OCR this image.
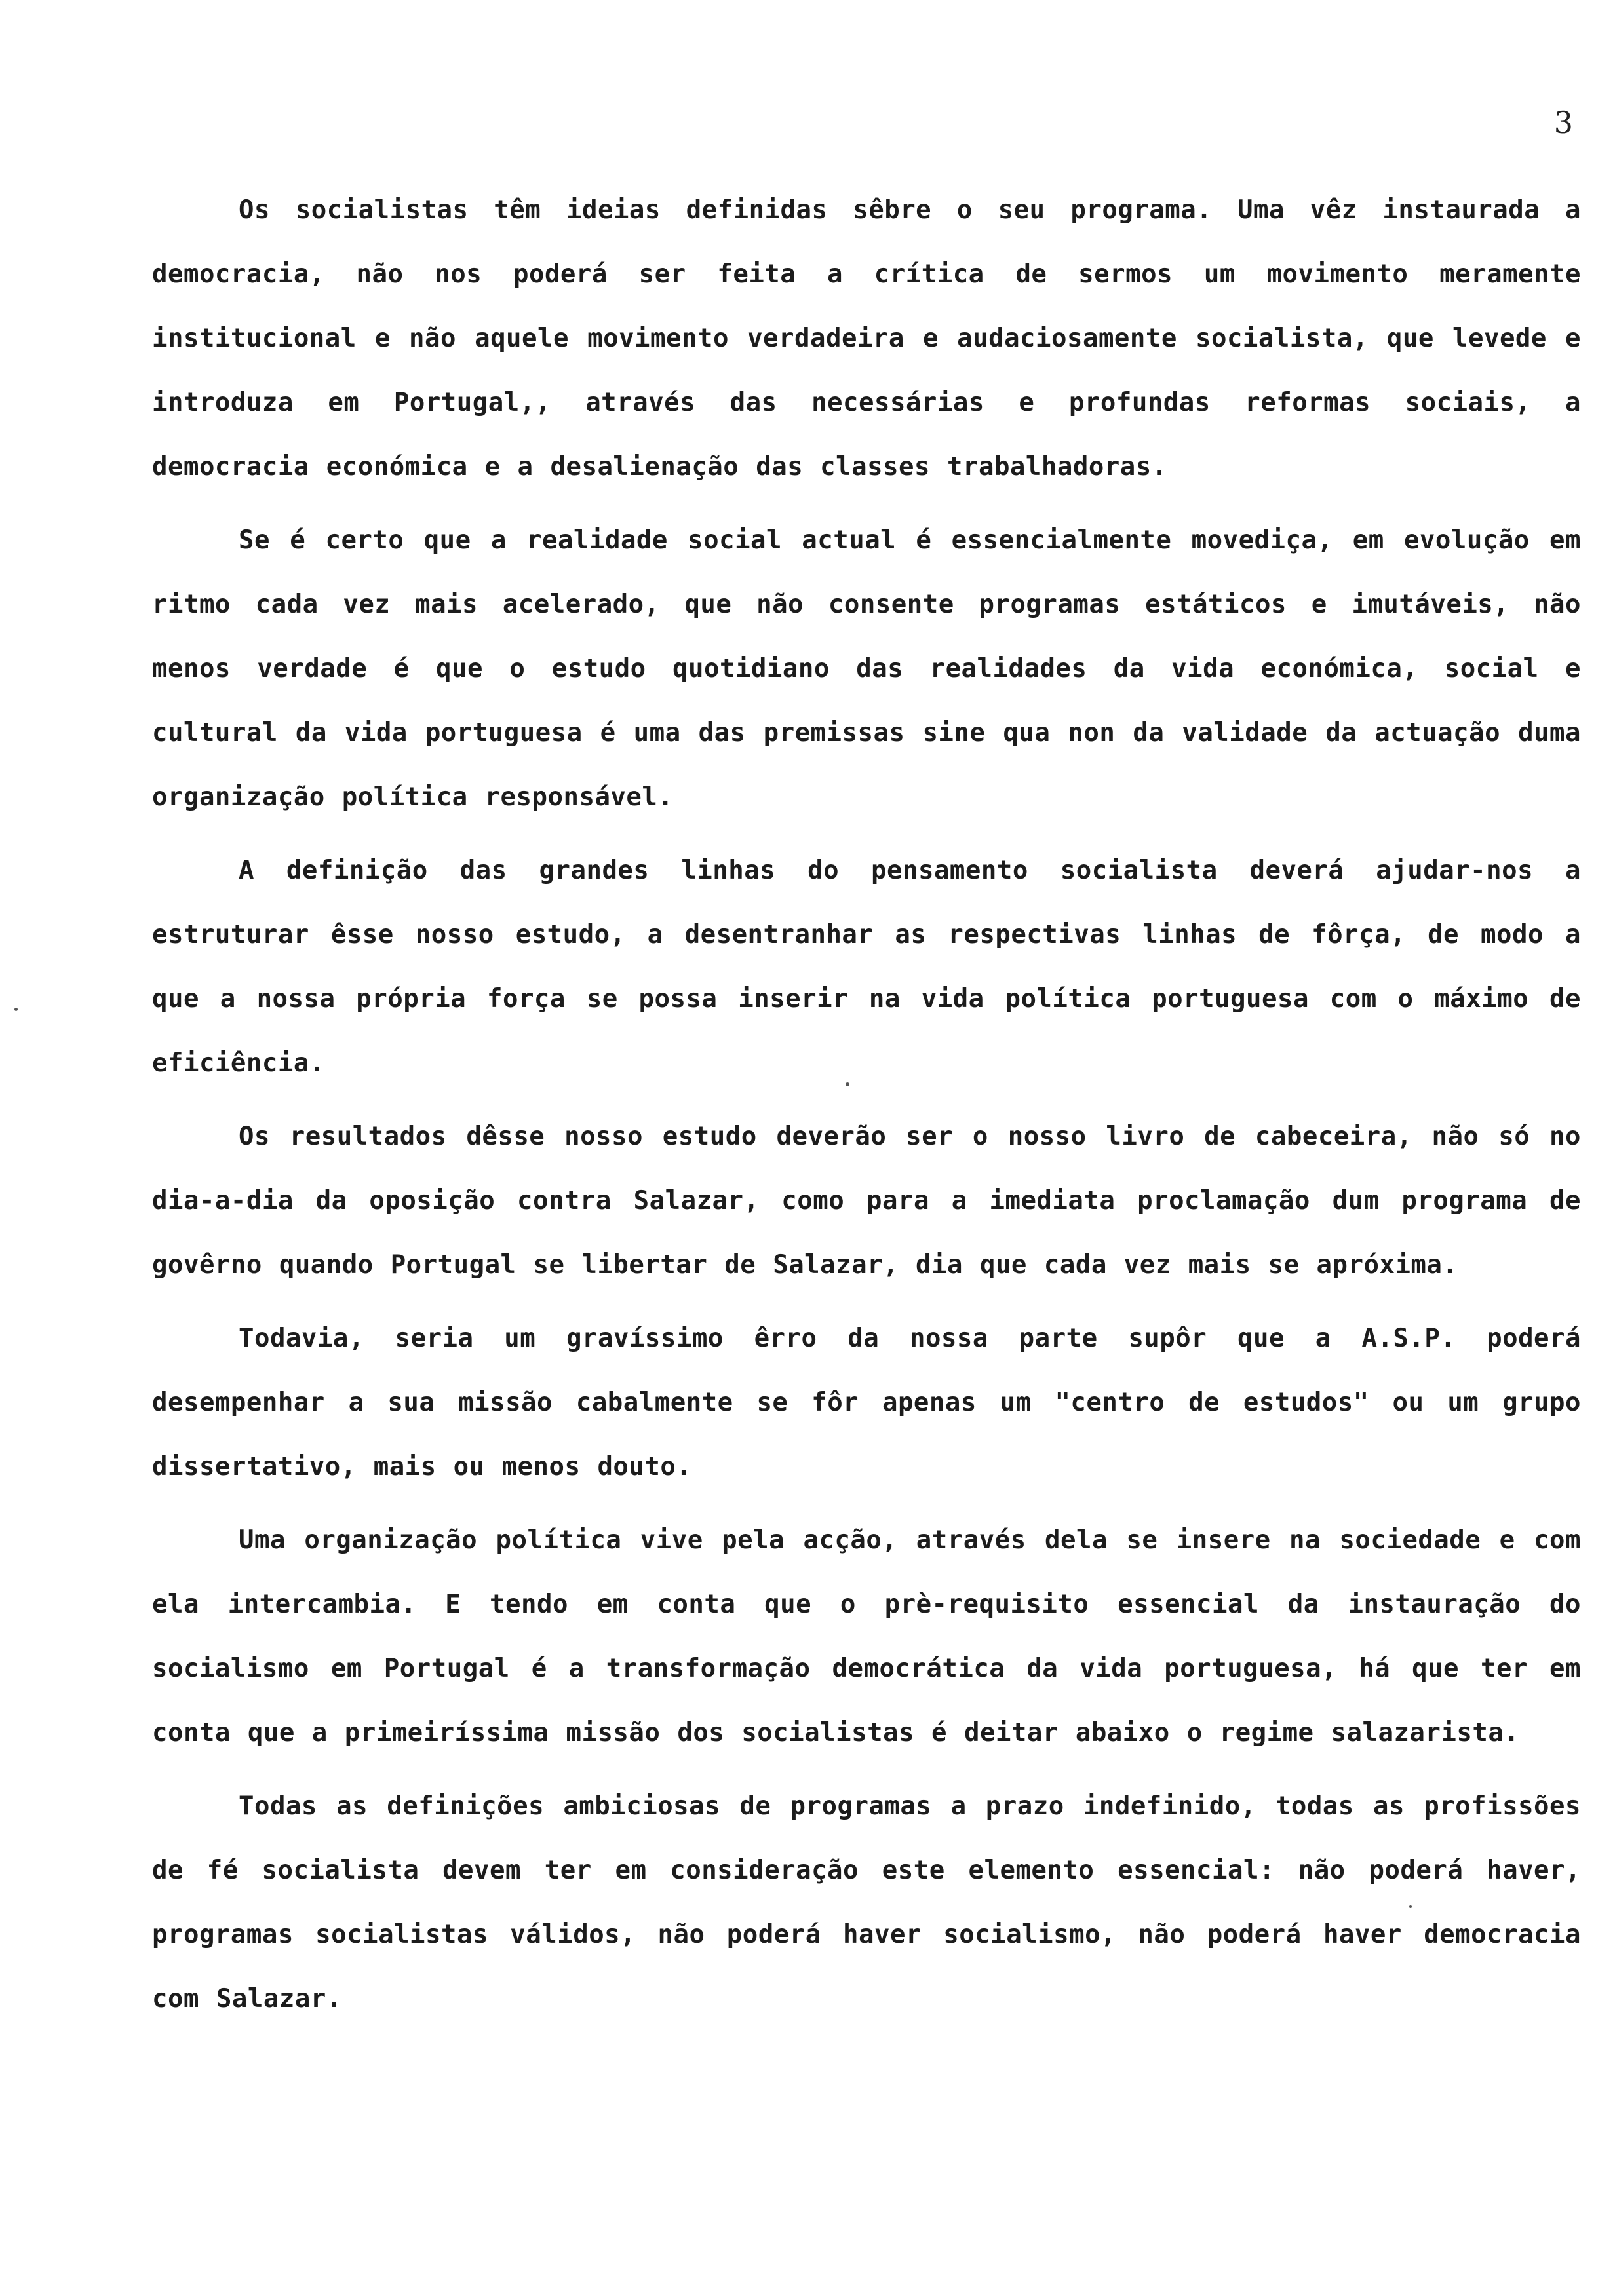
3

Os socialistas têm ideias definidas sêbre o seu programa. Uma vêz instaurada a democracia, não nos poderá ser feita a crítica de sermos um movimento meramente institucional e não aquele movimento verdadeira e audaciosamente socialista, que levede e introduza em Portugal,, através das necessárias e profundas reformas sociais, a democracia económica e a desalienação das classes trabalhadoras.

Se é certo que a realidade social actual é essencialmente movediça, em evolução em ritmo cada vez mais acelerado, que não consente programas estáticos e imutáveis, não menos verdade é que o estudo quotidiano das realidades da vida económica, social e cultural da vida portuguesa é uma das premissas sine qua non da validade da actuação duma organização política responsável.

A definição das grandes linhas do pensamento socialista deverá ajudar-nos a estruturar êsse nosso estudo, a desentranhar as respectivas linhas de fôrça, de modo a que a nossa própria força se possa inserir na vida política portuguesa com o máximo de eficiência.

Os resultados dêsse nosso estudo deverão ser o nosso livro de cabeceira, não só no dia-a-dia da oposição contra Salazar, como para a imediata proclamação dum programa de govêrno quando Portugal se libertar de Salazar, dia que cada vez mais se apróxima.

Todavia, seria um gravíssimo êrro da nossa parte supôr que a A.S.P. poderá desempenhar a sua missão cabalmente se fôr apenas um "centro de estudos" ou um grupo dissertativo, mais ou menos douto.

Uma organização política vive pela acção, através dela se insere na sociedade e com ela intercambia. E tendo em conta que o prè-requisito essencial da instauração do socialismo em Portugal é a transformação democrática da vida portuguesa, há que ter em conta que a primeiríssima missão dos socialistas é deitar abaixo o regime salazarista.

Todas as definições ambiciosas de programas a prazo indefinido, todas as profissões de fé socialista devem ter em consideração este elemento essencial: não poderá haver, programas socialistas válidos, não poderá haver socialismo, não poderá haver democracia com Salazar.
